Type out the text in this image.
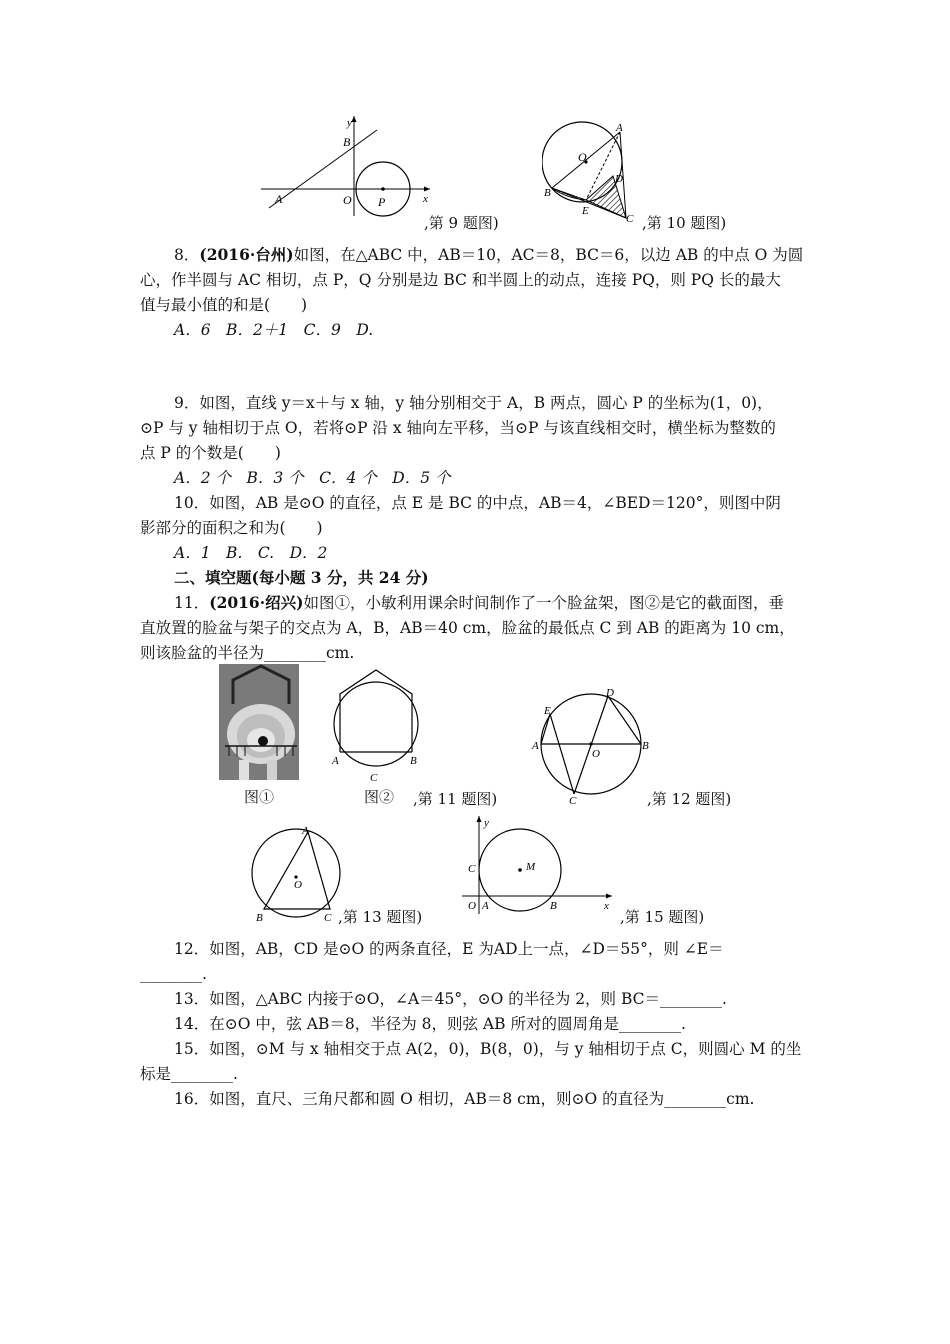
y
B
O
A	P	x
,第 9 题图)
A
O
B
D
E
C ,第 10 题图)
8．(2016·台州)如图，在△ABC 中，AB＝10，AC＝8，BC＝6，以边 AB 的中点 O 为圆
心，作半圆与 AC 相切，点 P，Q 分别是边 BC 和半圆上的动点，连接 PQ，则 PQ 长的最大
值与最小值的和是(　　)
A．6　B．2＋1　C．9　D.
9．如图，直线 y＝x＋与 x 轴，y 轴分别相交于 A，B 两点，圆心 P 的坐标为(1，0)，
⊙P 与 y 轴相切于点 O，若将⊙P 沿 x 轴向左平移，当⊙P 与该直线相交时，横坐标为整数的
点 P 的个数是(　　)
A．2 个　B．3 个　C．4 个　D．5 个
10．如图，AB 是⊙O 的直径，点 E 是 BC 的中点，AB＝4，∠BED＝120°，则图中阴
影部分的面积之和为(　　)
A．1　B.　C.　D．2
二、填空题(每小题 3 分，共 24 分)
11．(2016·绍兴)如图①，小敏利用课余时间制作了一个脸盆架，图②是它的截面图，垂
直放置的脸盆与架子的交点为 A，B，AB＝40 cm，脸盆的最低点 C 到 AB 的距离为 10 cm，
则该脸盆的半径为________cm.
图①
A	B
C
图② ,第 11 题图)
A	B
E
D
O
C	,第 12 题图)
A
O
B	C ,第 13 题图)
y
C	M
O A	B	x
,第 15 题图)
12．如图，AB，CD 是⊙O 的两条直径，E 为AD上一点，∠D＝55°，则 ∠E＝
________.
13．如图，△ABC 内接于⊙O，∠A＝45°，⊙O 的半径为 2，则 BC＝________.
14．在⊙O 中，弦 AB＝8，半径为 8，则弦 AB 所对的圆周角是________.
15．如图，⊙M 与 x 轴相交于点 A(2，0)，B(8，0)，与 y 轴相切于点 C，则圆心 M 的坐
标是________.
16．如图，直尺、三角尺都和圆 O 相切，AB＝8 cm，则⊙O 的直径为________cm.
